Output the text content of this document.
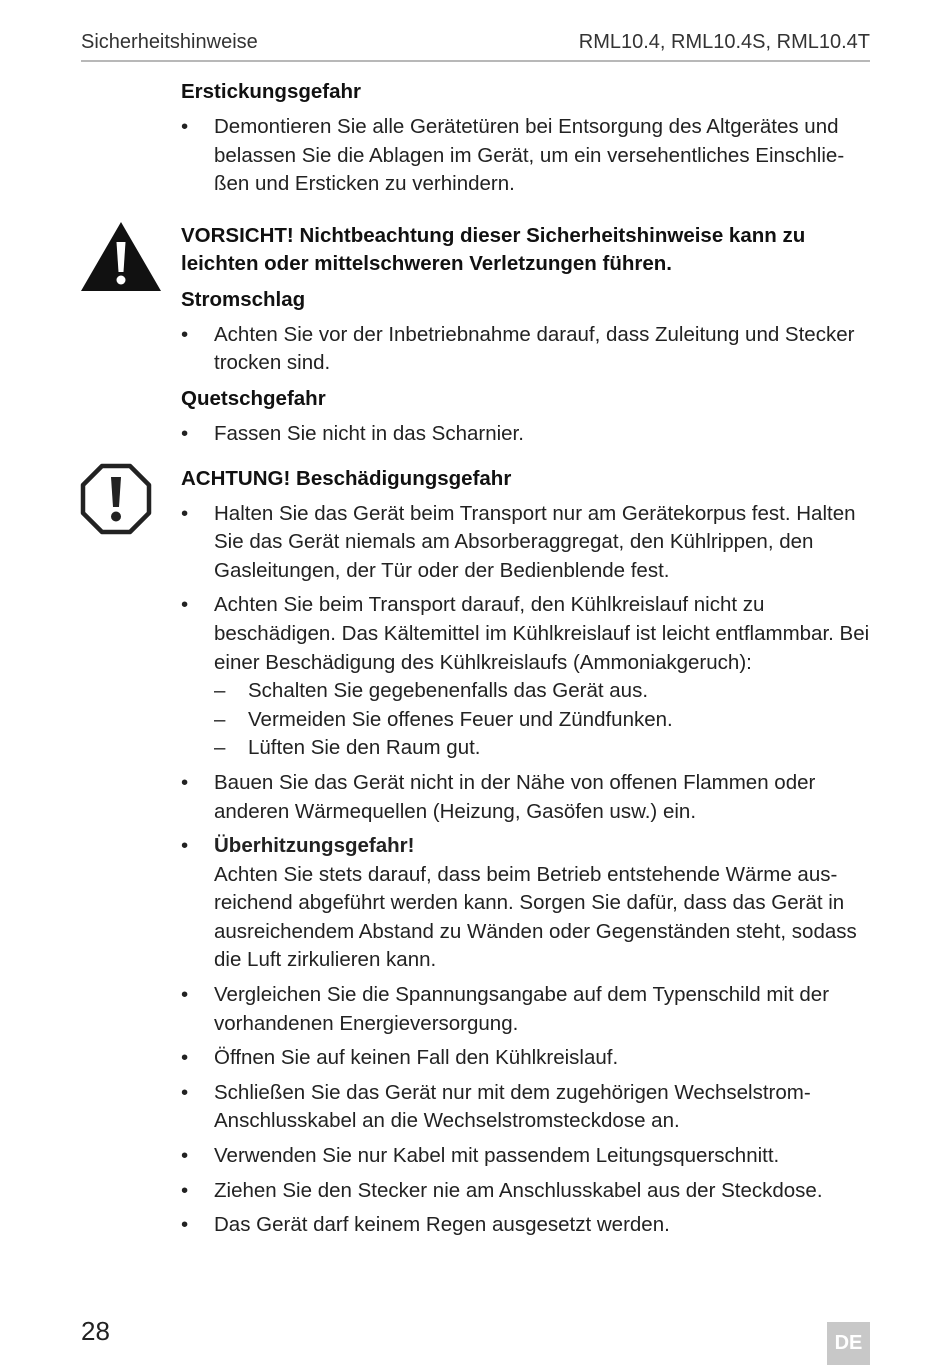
Sicherheitshinweise	RML10.4, RML10.4S, RML10.4T

Erstickungsgefahr

•	Demontieren Sie alle Gerätetüren bei Entsorgung des Altgerätes und belassen Sie die Ablagen im Gerät, um ein versehentliches Einschlie-ßen und Ersticken zu verhindern.

VORSICHT! Nichtbeachtung dieser Sicherheitshinweise kann zu leichten oder mittelschweren Verletzungen führen.

Stromschlag

•	Achten Sie vor der Inbetriebnahme darauf, dass Zuleitung und Stecker trocken sind.

Quetschgefahr

•	Fassen Sie nicht in das Scharnier.

ACHTUNG! Beschädigungsgefahr

•	Halten Sie das Gerät beim Transport nur am Gerätekorpus fest. Halten Sie das Gerät niemals am Absorberaggregat, den Kühlrippen, den Gasleitungen, der Tür oder der Bedienblende fest.
•	Achten Sie beim Transport darauf, den Kühlkreislauf nicht zu beschädigen. Das Kältemittel im Kühlkreislauf ist leicht entflammbar. Bei einer Beschädigung des Kühlkreislaufs (Ammoniakgeruch):
– Schalten Sie gegebenenfalls das Gerät aus.
– Vermeiden Sie offenes Feuer und Zündfunken.
– Lüften Sie den Raum gut.
•	Bauen Sie das Gerät nicht in der Nähe von offenen Flammen oder anderen Wärmequellen (Heizung, Gasöfen usw.) ein.
•	Überhitzungsgefahr!
Achten Sie stets darauf, dass beim Betrieb entstehende Wärme aus-reichend abgeführt werden kann. Sorgen Sie dafür, dass das Gerät in ausreichendem Abstand zu Wänden oder Gegenständen steht, sodass die Luft zirkulieren kann.
•	Vergleichen Sie die Spannungsangabe auf dem Typenschild mit der vorhandenen Energieversorgung.
•	Öffnen Sie auf keinen Fall den Kühlkreislauf.
•	Schließen Sie das Gerät nur mit dem zugehörigen Wechselstrom-Anschlusskabel an die Wechselstromsteckdose an.
•	Verwenden Sie nur Kabel mit passendem Leitungsquerschnitt.
•	Ziehen Sie den Stecker nie am Anschlusskabel aus der Steckdose.
•	Das Gerät darf keinem Regen ausgesetzt werden.
28	DE
